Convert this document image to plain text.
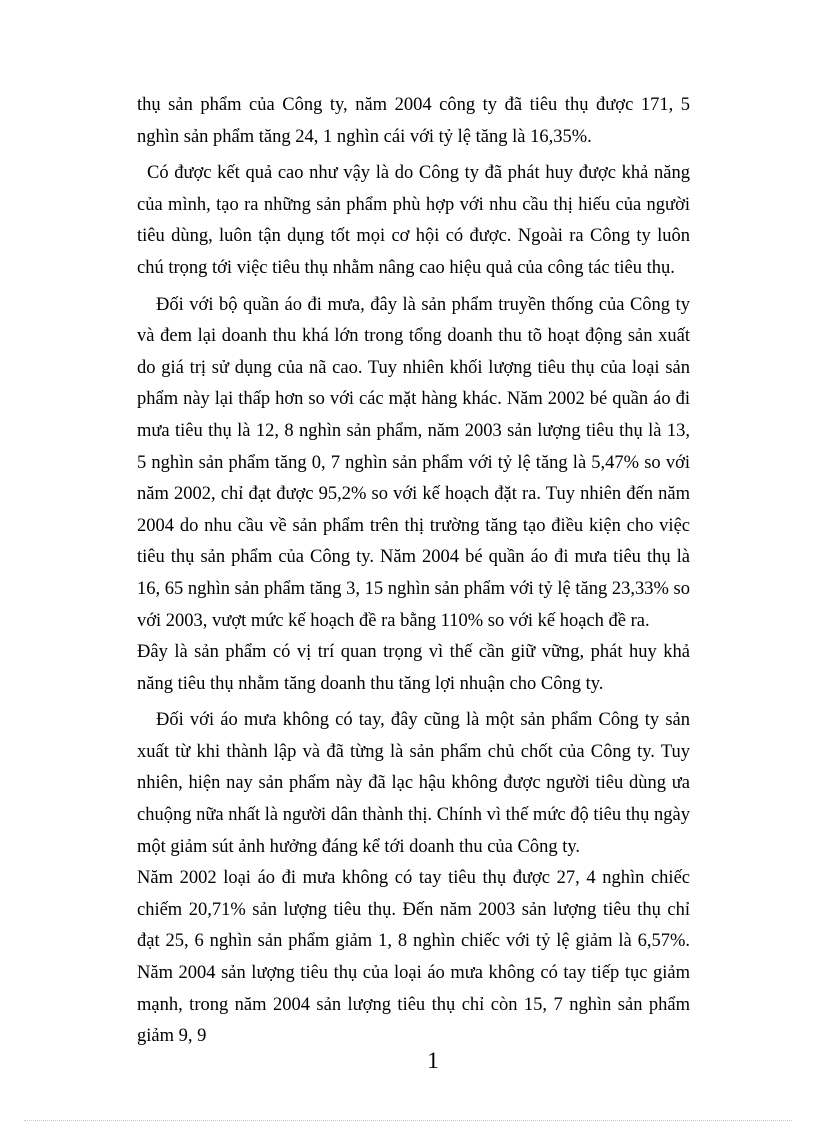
thụ sản phẩm của Công ty, năm 2004 công ty đã tiêu thụ được 171, 5 nghìn sản phẩm tăng 24, 1 nghìn cái với tỷ lệ tăng là 16,35%.

Có được kết quả cao như vậy là do Công ty đã phát huy được khả năng của mình, tạo ra những sản phẩm phù hợp với nhu cầu thị hiếu của người tiêu dùng, luôn tận dụng tốt mọi cơ hội có được. Ngoài ra Công ty luôn chú trọng tới việc tiêu thụ nhằm nâng cao hiệu quả của công tác tiêu thụ.

Đối với bộ quần áo đi mưa, đây là sản phẩm truyền thống của Công ty và đem lại doanh thu khá lớn trong tổng doanh thu tõ hoạt động sản xuất do giá trị sử dụng của nã cao. Tuy nhiên khối lượng tiêu thụ của loại sản phẩm này lại thấp hơn so với các mặt hàng khác. Năm 2002 bé quần áo đi mưa tiêu thụ là 12, 8 nghìn sản phẩm, năm 2003 sản lượng tiêu thụ là 13, 5 nghìn sản phẩm tăng 0, 7 nghìn sản phẩm với tỷ lệ tăng là 5,47% so với năm 2002, chỉ đạt được 95,2% so với kế hoạch đặt ra. Tuy nhiên đến năm 2004 do nhu cầu về sản phẩm trên thị trường tăng tạo điều kiện cho việc tiêu thụ sản phẩm của Công ty. Năm 2004 bé quần áo đi mưa tiêu thụ là 16, 65 nghìn sản phẩm tăng 3, 15 nghìn sản phẩm với tỷ lệ tăng 23,33% so với 2003, vượt mức kế hoạch đề ra bằng 110% so với kế hoạch đề ra.

Đây là sản phẩm có vị trí quan trọng vì thế cần giữ vững, phát huy khả năng tiêu thụ nhằm tăng doanh thu tăng lợi nhuận cho Công ty.

Đối với áo mưa không có tay, đây cũng là một sản phẩm Công ty sản xuất từ khi thành lập và đã từng là sản phẩm chủ chốt của Công ty. Tuy nhiên, hiện nay sản phẩm này đã lạc hậu không được người tiêu dùng ưa chuộng nữa nhất là người dân thành thị. Chính vì thế mức độ tiêu thụ ngày một giảm sút ảnh hưởng đáng kể tới doanh thu của Công ty.

Năm 2002 loại áo đi mưa không có tay tiêu thụ được 27, 4 nghìn chiếc chiếm 20,71% sản lượng tiêu thụ. Đến năm 2003 sản lượng tiêu thụ chỉ đạt 25, 6 nghìn sản phẩm giảm 1, 8 nghìn chiếc với tỷ lệ giảm là 6,57%. Năm 2004 sản lượng tiêu thụ của loại áo mưa không có tay tiếp tục giảm mạnh, trong năm 2004 sản lượng tiêu thụ chỉ còn 15, 7 nghìn sản phẩm giảm 9, 9

1
